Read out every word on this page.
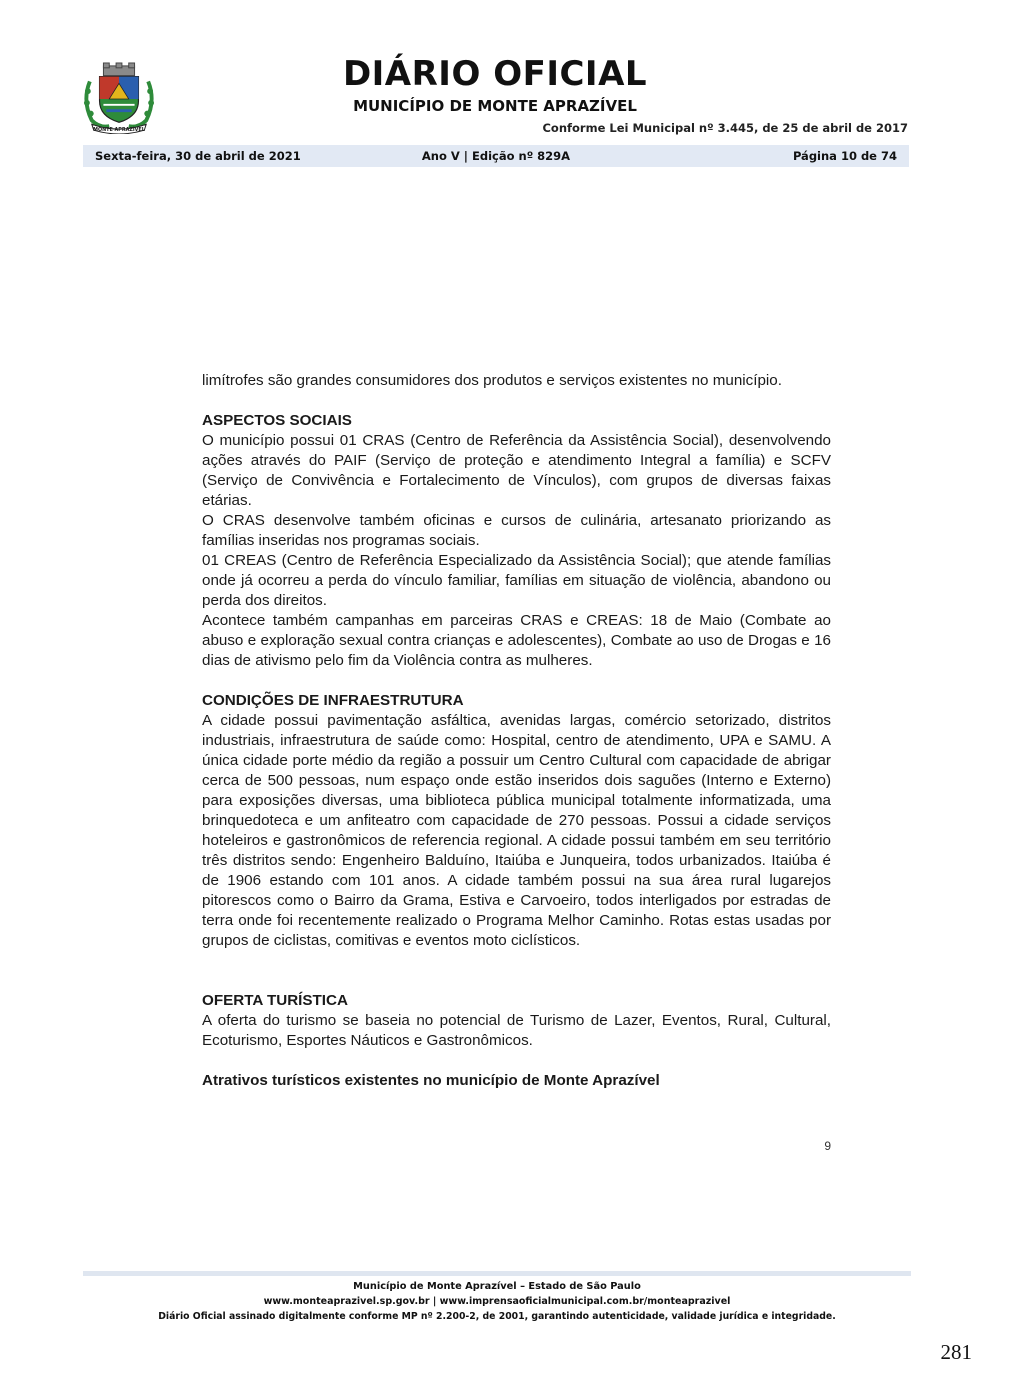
MONTE APRAZÍVEL
DIÁRIO OFICIAL
MUNICÍPIO DE MONTE APRAZÍVEL
Conforme Lei Municipal nº 3.445, de 25 de abril de 2017
Sexta-feira, 30 de abril de 2021	Ano V | Edição nº 829A	Página 10 de 74

limítrofes são grandes consumidores dos produtos e serviços existentes no município.

ASPECTOS SOCIAIS

O município possui 01 CRAS (Centro de Referência da Assistência Social), desenvolvendo ações através do PAIF (Serviço de proteção e atendimento Integral a família) e SCFV (Serviço de Convivência e Fortalecimento de Vínculos), com grupos de diversas faixas etárias.

O CRAS desenvolve também oficinas e cursos de culinária, artesanato priorizando as famílias inseridas nos programas sociais.

01 CREAS (Centro de Referência Especializado da Assistência Social); que atende famílias onde já ocorreu a perda do vínculo familiar, famílias em situação de violência, abandono ou perda dos direitos.

Acontece também campanhas em parceiras CRAS e CREAS: 18 de Maio (Combate ao abuso e exploração sexual contra crianças e adolescentes), Combate ao uso de Drogas e 16 dias de ativismo pelo fim da Violência contra as mulheres.

CONDIÇÕES DE INFRAESTRUTURA

A cidade possui pavimentação asfáltica, avenidas largas, comércio setorizado, distritos industriais, infraestrutura de saúde como: Hospital, centro de atendimento, UPA e SAMU. A única cidade porte médio da região a possuir um Centro Cultural com capacidade de abrigar cerca de 500 pessoas, num espaço onde estão inseridos dois saguões (Interno e Externo) para exposições diversas, uma biblioteca pública municipal totalmente informatizada, uma brinquedoteca e um anfiteatro com capacidade de 270 pessoas. Possui a cidade serviços hoteleiros e gastronômicos de referencia regional. A cidade possui também em seu território três distritos sendo: Engenheiro Balduíno, Itaiúba e Junqueira, todos urbanizados. Itaiúba é de 1906 estando com 101 anos. A cidade também possui na sua área rural lugarejos pitorescos como o Bairro da Grama, Estiva e Carvoeiro, todos interligados por estradas de terra onde foi recentemente realizado o Programa Melhor Caminho. Rotas estas usadas por grupos de ciclistas, comitivas e eventos moto ciclísticos.

OFERTA TURÍSTICA

A oferta do turismo se baseia no potencial de Turismo de Lazer, Eventos, Rural, Cultural, Ecoturismo, Esportes Náuticos e Gastronômicos.

Atrativos turísticos existentes no município de Monte Aprazível
9
Município de Monte Aprazível – Estado de São Paulo
www.monteaprazivel.sp.gov.br | www.imprensaoficialmunicipal.com.br/monteaprazivel
Diário Oficial assinado digitalmente conforme MP nº 2.200-2, de 2001, garantindo autenticidade, validade jurídica e integridade.
281
